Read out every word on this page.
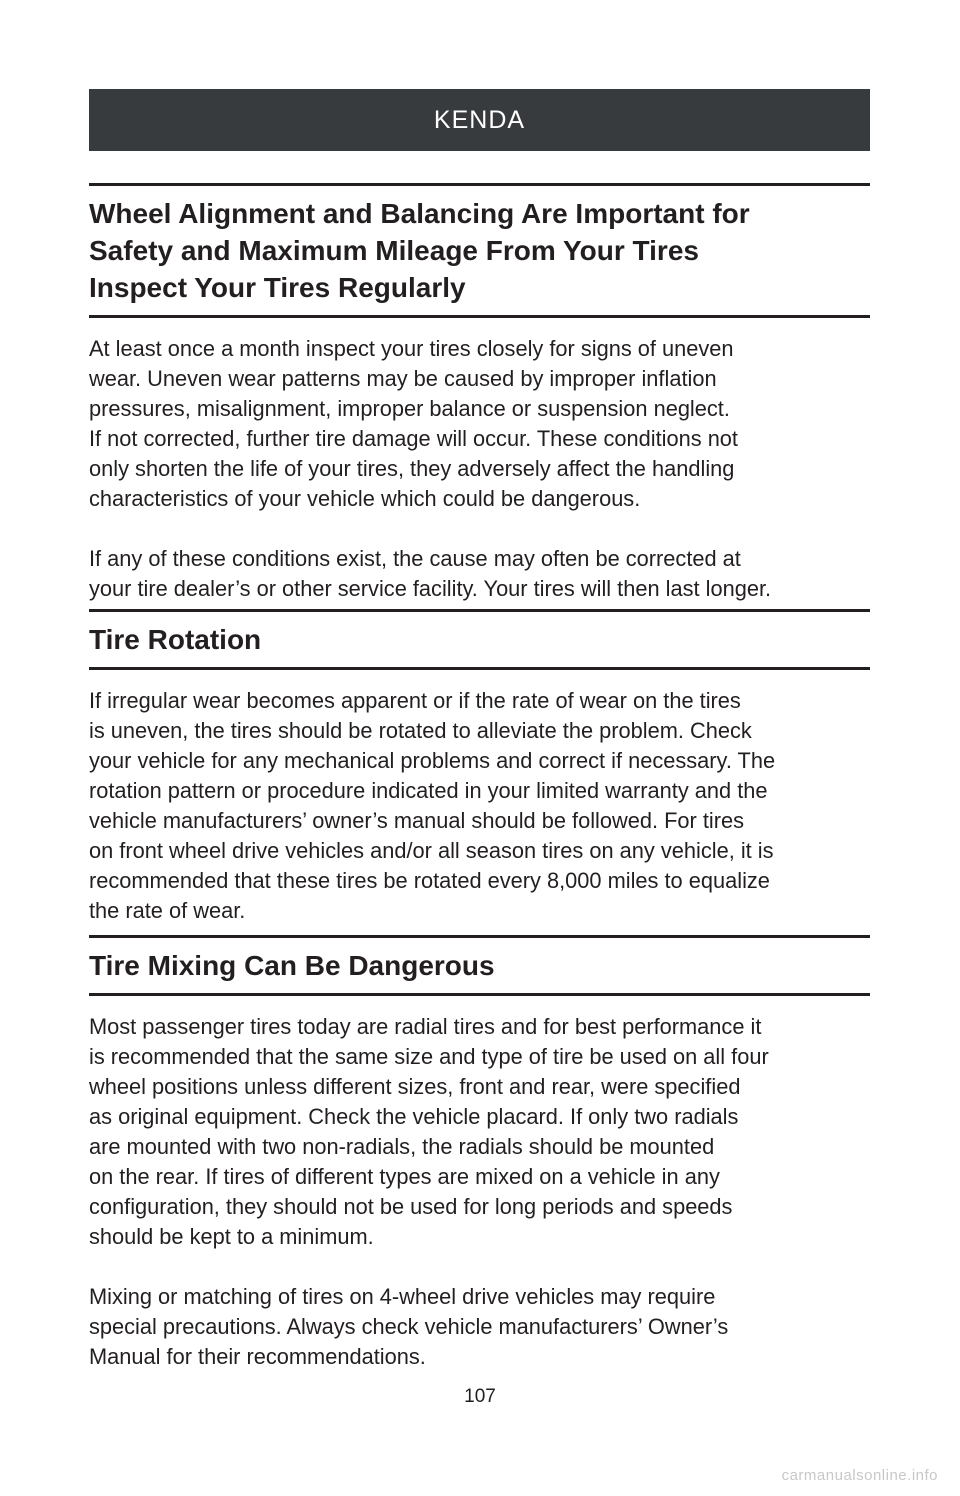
KENDA
Wheel Alignment and Balancing Are Important for
Safety and Maximum Mileage From Your Tires
Inspect Your Tires Regularly

At least once a month inspect your tires closely for signs of uneven
wear. Uneven wear patterns may be caused by improper inflation
pressures, misalignment, improper balance or suspension neglect.
If not corrected, further tire damage will occur. These conditions not
only shorten the life of your tires, they adversely affect the handling
characteristics of your vehicle which could be dangerous.

If any of these conditions exist, the cause may often be corrected at
your tire dealer’s or other service facility. Your tires will then last longer.

Tire Rotation

If irregular wear becomes apparent or if the rate of wear on the tires
is uneven, the tires should be rotated to alleviate the problem. Check
your vehicle for any mechanical problems and correct if necessary. The
rotation pattern or procedure indicated in your limited warranty and the
vehicle manufacturers’ owner’s manual should be followed. For tires
on front wheel drive vehicles and/or all season tires on any vehicle, it is
recommended that these tires be rotated every 8,000 miles to equalize
the rate of wear.

Tire Mixing Can Be Dangerous

Most passenger tires today are radial tires and for best performance it
is recommended that the same size and type of tire be used on all four
wheel positions unless different sizes, front and rear, were specified
as original equipment. Check the vehicle placard. If only two radials
are mounted with two non-radials, the radials should be mounted
on the rear. If tires of different types are mixed on a vehicle in any
configuration, they should not be used for long periods and speeds
should be kept to a minimum.

Mixing or matching of tires on 4-wheel drive vehicles may require
special precautions. Always check vehicle manufacturers’ Owner’s
Manual for their recommendations.

107
carmanualsonline.info
